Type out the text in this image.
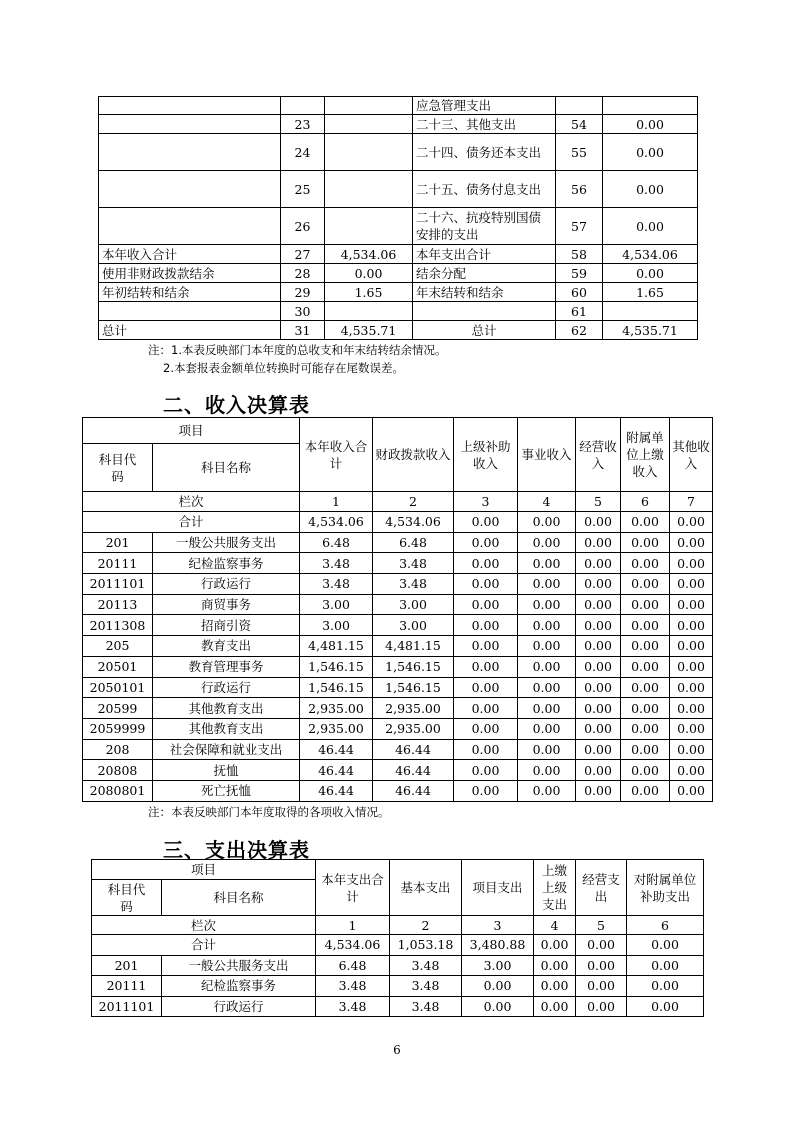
			应急管理支出		
	23		二十三、其他支出	54	0.00
	24		二十四、债务还本支出	55	0.00
	25		二十五、债务付息支出	56	0.00
	26		二十六、抗疫特别国债安排的支出	57	0.00
本年收入合计	27	4,534.06	本年支出合计	58	4,534.06
使用非财政拨款结余	28	0.00	结余分配	59	0.00
年初结转和结余	29	1.65	年末结转和结余	60	1.65
	30			61	
总计	31	4,535.71	总计	62	4,535.71
注：1.本表反映部门本年度的总收支和年末结转结余情况。
2.本套报表金额单位转换时可能存在尾数误差。
二、收入决算表
项目		本年收入合计	财政拨款收入	上级补助收入	事业收入	经营收入	附属单位上缴收入	其他收入
科目代码	科目名称							
栏次		1	2	3	4	5	6	7
合计		4,534.06	4,534.06	0.00	0.00	0.00	0.00	0.00
201	一般公共服务支出	6.48	6.48	0.00	0.00	0.00	0.00	0.00
20111	纪检监察事务	3.48	3.48	0.00	0.00	0.00	0.00	0.00
2011101	行政运行	3.48	3.48	0.00	0.00	0.00	0.00	0.00
20113	商贸事务	3.00	3.00	0.00	0.00	0.00	0.00	0.00
2011308	招商引资	3.00	3.00	0.00	0.00	0.00	0.00	0.00
205	教育支出	4,481.15	4,481.15	0.00	0.00	0.00	0.00	0.00
20501	教育管理事务	1,546.15	1,546.15	0.00	0.00	0.00	0.00	0.00
2050101	行政运行	1,546.15	1,546.15	0.00	0.00	0.00	0.00	0.00
20599	其他教育支出	2,935.00	2,935.00	0.00	0.00	0.00	0.00	0.00
2059999	其他教育支出	2,935.00	2,935.00	0.00	0.00	0.00	0.00	0.00
208	社会保障和就业支出	46.44	46.44	0.00	0.00	0.00	0.00	0.00
20808	抚恤	46.44	46.44	0.00	0.00	0.00	0.00	0.00
2080801	死亡抚恤	46.44	46.44	0.00	0.00	0.00	0.00	0.00
注：本表反映部门本年度取得的各项收入情况。
三、支出决算表
项目		本年支出合计	基本支出	项目支出	上缴上级支出	经营支出	对附属单位补助支出
科目代码	科目名称						
栏次		1	2	3	4	5	6
合计		4,534.06	1,053.18	3,480.88	0.00	0.00	0.00
201	一般公共服务支出	6.48	3.48	3.00	0.00	0.00	0.00
20111	纪检监察事务	3.48	3.48	0.00	0.00	0.00	0.00
2011101	行政运行	3.48	3.48	0.00	0.00	0.00	0.00
6
